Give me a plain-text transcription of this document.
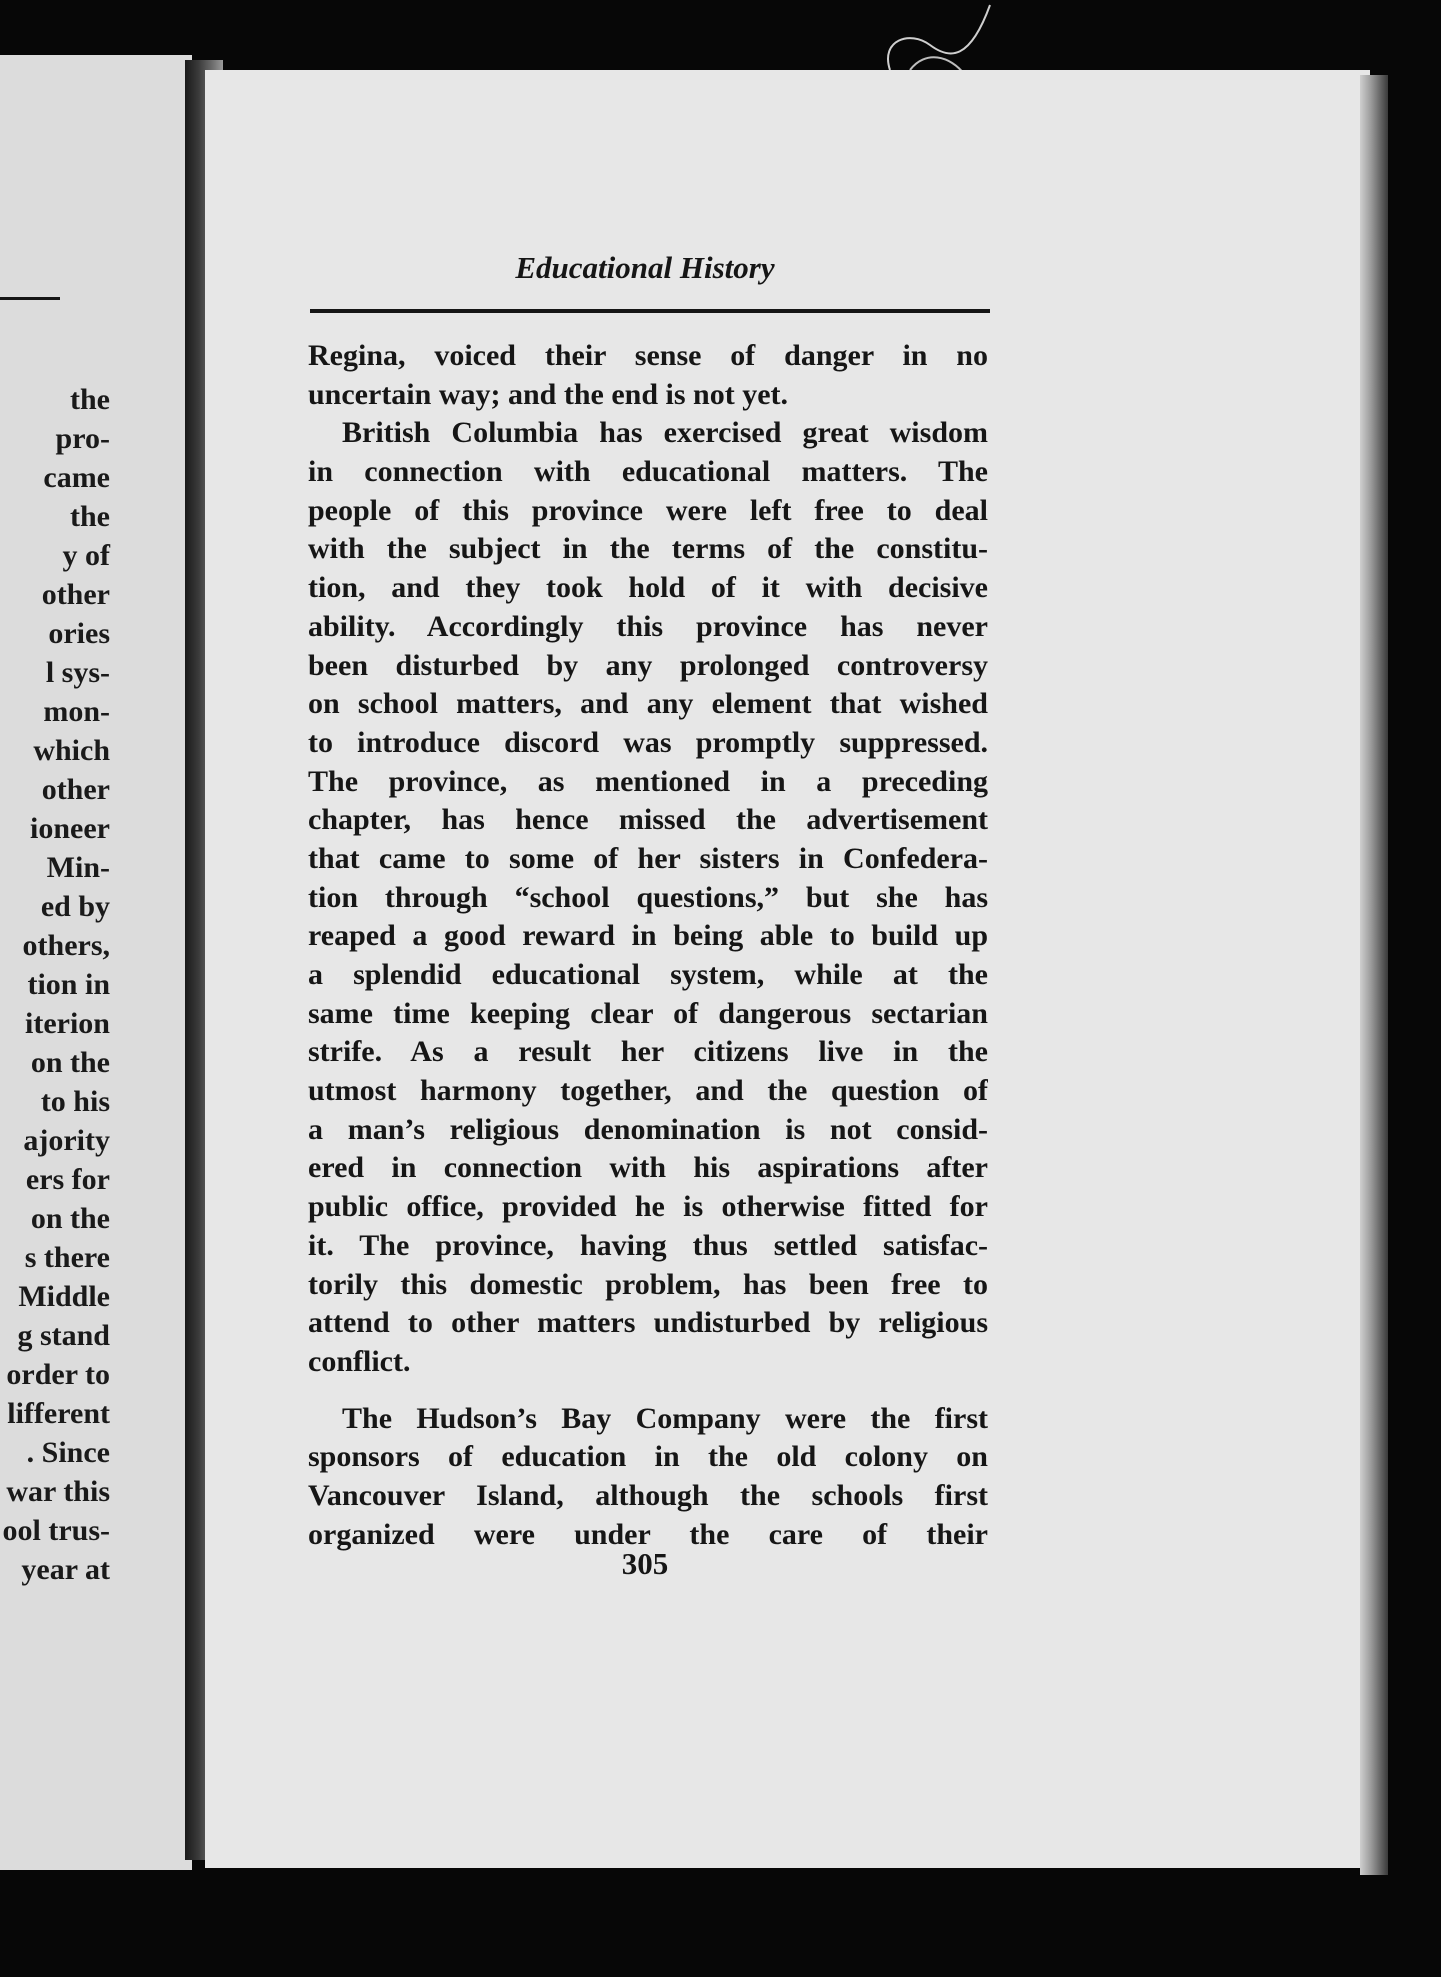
the
pro-
came
the
y of
other
ories
l sys-
mon-
which
other
ioneer
Min-
ed by
others,
tion in
iterion
on the
to his
ajority
ers for
on the
s there
Middle
g stand
order to
lifferent
. Since
war this
ool trus-
year at
Educational History
Regina, voiced their sense of danger in no
uncertain way; and the end is not yet.
British Columbia has exercised great wisdom
in connection with educational matters. The
people of this province were left free to deal
with the subject in the terms of the constitu-
tion, and they took hold of it with decisive
ability. Accordingly this province has never
been disturbed by any prolonged controversy
on school matters, and any element that wished
to introduce discord was promptly suppressed.
The province, as mentioned in a preceding
chapter, has hence missed the advertisement
that came to some of her sisters in Confedera-
tion through “school questions,” but she has
reaped a good reward in being able to build up
a splendid educational system, while at the
same time keeping clear of dangerous sectarian
strife. As a result her citizens live in the
utmost harmony together, and the question of
a man’s religious denomination is not consid-
ered in connection with his aspirations after
public office, provided he is otherwise fitted for
it. The province, having thus settled satisfac-
torily this domestic problem, has been free to
attend to other matters undisturbed by religious
conflict.
The Hudson’s Bay Company were the first
sponsors of education in the old colony on
Vancouver Island, although the schools first
organized were under the care of their
305
